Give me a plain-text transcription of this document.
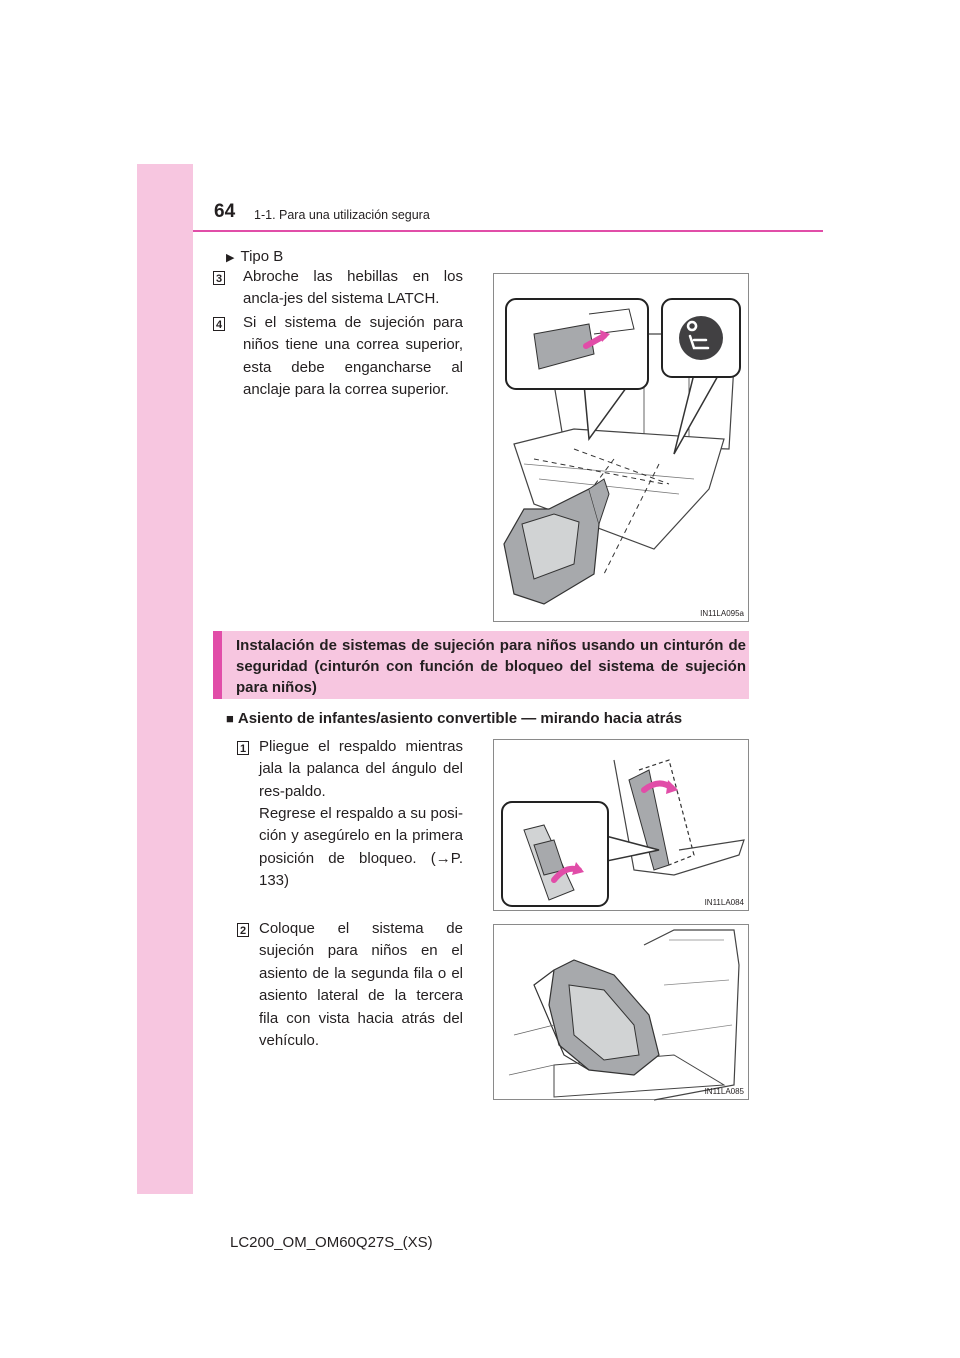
64 1-1. Para una utilización segura
▶ Tipo B
3 Abroche las hebillas en los ancla-jes del sistema LATCH.
4 Si el sistema de sujeción para niños tiene una correa superior, esta debe engancharse al anclaje para la correa superior.
IN11LA095a
Instalación de sistemas de sujeción para niños usando un cinturón de seguridad (cinturón con función de bloqueo del sistema de sujeción para niños)
■ Asiento de infantes/asiento convertible — mirando hacia atrás
1 Pliegue el respaldo mientras jala la palanca del ángulo del res-paldo.
Regrese el respaldo a su posi-ción y asegúrelo en la primera posición de bloqueo. (→P. 133)
IN11LA084
2 Coloque el sistema de sujeción para niños en el asiento de la segunda fila o el asiento lateral de la tercera fila con vista hacia atrás del vehículo.
IN11LA085
LC200_OM_OM60Q27S_(XS)
